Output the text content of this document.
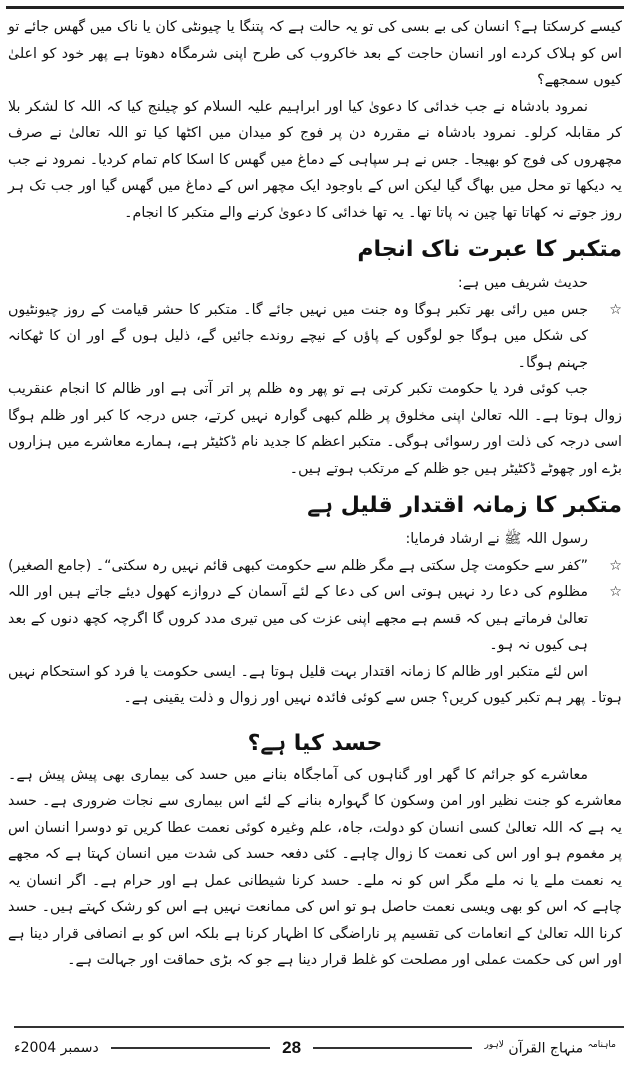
کیسے کرسکتا ہے؟ انسان کی بے بسی کی تو یہ حالت ہے کہ پتنگا یا چیونٹی کان یا ناک میں گھس جائے تو اس کو ہلاک کردے اور انسان حاجت کے بعد خاکروب کی طرح اپنی شرمگاہ دھوتا ہے پھر خود کو اعلیٰ کیوں سمجھے؟

نمرود بادشاہ نے جب خدائی کا دعویٰ کیا اور ابراہیم علیہ السلام کو چیلنج کیا کہ اللہ کا لشکر بلا کر مقابلہ کرلو۔ نمرود بادشاہ نے مقررہ دن پر فوج کو میدان میں اکٹھا کیا تو اللہ تعالیٰ نے صرف مچھروں کی فوج کو بھیجا۔ جس نے ہر سپاہی کے دماغ میں گھس کا اسکا کام تمام کردیا۔ نمرود نے جب یہ دیکھا تو محل میں بھاگ گیا لیکن اس کے باوجود ایک مچھر اس کے دماغ میں گھس گیا اور جب تک ہر روز جوتے نہ کھاتا تھا چین نہ پاتا تھا۔ یہ تھا خدائی کا دعویٰ کرنے والے متکبر کا انجام۔

متکبر کا عبرت ناک انجام

حدیث شریف میں ہے:

☆
جس میں رائی بھر تکبر ہوگا وہ جنت میں نہیں جائے گا۔ متکبر کا حشر قیامت کے روز چیونٹیوں کی شکل میں ہوگا جو لوگوں کے پاؤں کے نیچے روندے جائیں گے، ذلیل ہوں گے اور ان کا ٹھکانہ جہنم ہوگا۔

جب کوئی فرد یا حکومت تکبر کرتی ہے تو پھر وہ ظلم پر اتر آتی ہے اور ظالم کا انجام عنقریب زوال ہوتا ہے۔ اللہ تعالیٰ اپنی مخلوق پر ظلم کبھی گوارہ نہیں کرتے، جس درجہ کا کبر اور ظلم ہوگا اسی درجہ کی ذلت اور رسوائی ہوگی۔ متکبر اعظم کا جدید نام ڈکٹیٹر ہے، ہمارے معاشرے میں ہزاروں بڑے اور چھوٹے ڈکٹیٹر ہیں جو ظلم کے مرتکب ہوتے ہیں۔

متکبر کا زمانہ اقتدار قلیل ہے

رسول اللہ ﷺ نے ارشاد فرمایا:

☆
”کفر سے حکومت چل سکتی ہے مگر ظلم سے حکومت کبھی قائم نہیں رہ سکتی“۔ (جامع الصغیر)
☆
مظلوم کی دعا رد نہیں ہوتی اس کی دعا کے لئے آسمان کے دروازے کھول دیئے جاتے ہیں اور اللہ تعالیٰ فرماتے ہیں کہ قسم ہے مجھے اپنی عزت کی میں تیری مدد کروں گا اگرچہ کچھ دنوں کے بعد ہی کیوں نہ ہو۔

اس لئے متکبر اور ظالم کا زمانہ اقتدار بہت قلیل ہوتا ہے۔ ایسی حکومت یا فرد کو استحکام نہیں ہوتا۔ پھر ہم تکبر کیوں کریں؟ جس سے کوئی فائدہ نہیں اور زوال و ذلت یقینی ہے۔

حسد کیا ہے؟

معاشرے کو جرائم کا گھر اور گناہوں کی آماجگاہ بنانے میں حسد کی بیماری بھی پیش پیش ہے۔ معاشرے کو جنت نظیر اور امن وسکون کا گہوارہ بنانے کے لئے اس بیماری سے نجات ضروری ہے۔ حسد یہ ہے کہ اللہ تعالیٰ کسی انسان کو دولت، جاہ، علم وغیرہ کوئی نعمت عطا کریں تو دوسرا انسان اس پر مغموم ہو اور اس کی نعمت کا زوال چاہے۔ کئی دفعہ حسد کی شدت میں انسان کہتا ہے کہ مجھے یہ نعمت ملے یا نہ ملے مگر اس کو نہ ملے۔ حسد کرنا شیطانی عمل ہے اور حرام ہے۔ اگر انسان یہ چاہے کہ اس کو بھی ویسی نعمت حاصل ہو تو اس کی ممانعت نہیں ہے اس کو رشک کہتے ہیں۔ حسد کرنا اللہ تعالیٰ کے انعامات کی تقسیم پر ناراضگی کا اظہار کرنا ہے بلکہ اس کو بے انصافی قرار دینا ہے اور اس کی حکمت عملی اور مصلحت کو غلط قرار دینا ہے جو کہ بڑی حماقت اور جہالت ہے۔

$^{ماہنامہ}$ منہاج القرآن $^{لاہور}$
28
دسمبر 2004ء
